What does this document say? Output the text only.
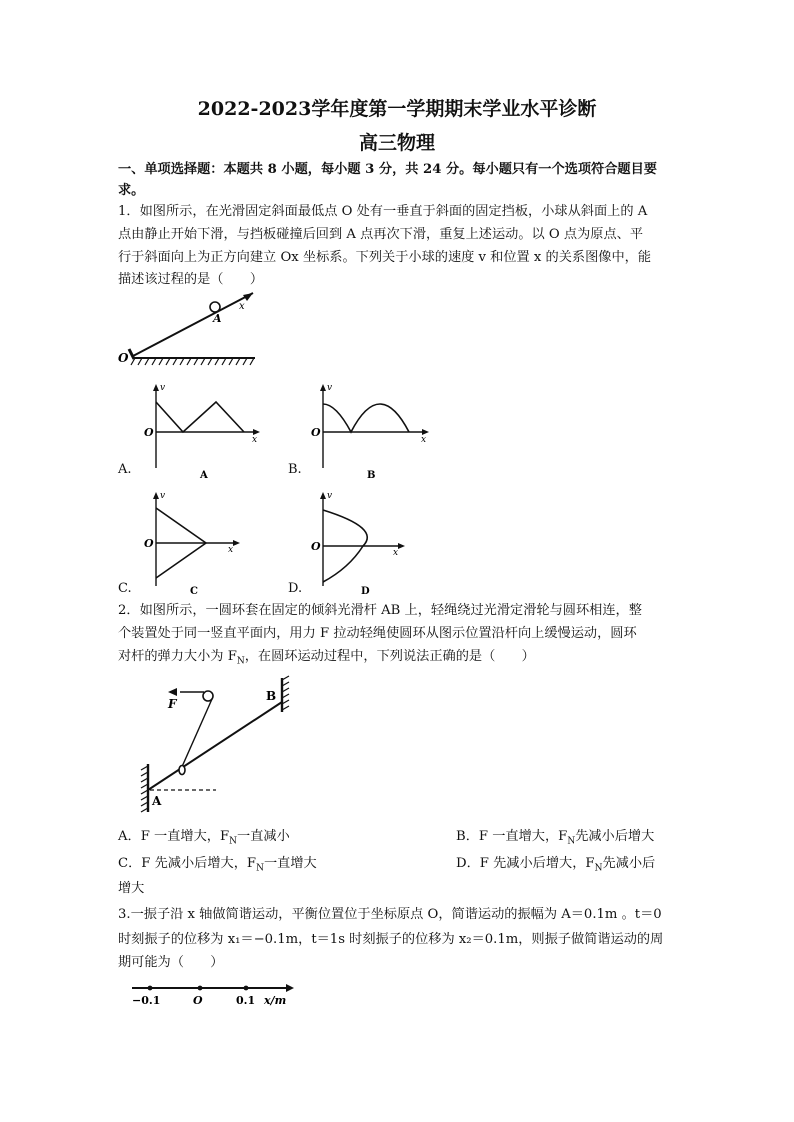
2022-2023学年度第一学期期末学业水平诊断
高三物理
一、单项选择题：本题共 8 小题，每小题 3 分，共 24 分。每小题只有一个选项符合题目要
求。
1．如图所示，在光滑固定斜面最低点 O 处有一垂直于斜面的固定挡板，小球从斜面上的 A
点由静止开始下滑，与挡板碰撞后回到 A 点再次下滑，重复上述运动。以 O 点为原点、平
行于斜面向上为正方向建立 Ox 坐标系。下列关于小球的速度 v 和位置 x 的关系图像中，能
描述该过程的是（　　）
A
O
x
A.
v
x
O
A	B.
v
x
O
B
C.
v
x
O
C	D.
v
x
O
D
2．如图所示，一圆环套在固定的倾斜光滑杆 AB 上，轻绳绕过光滑定滑轮与圆环相连，整
个装置处于同一竖直平面内，用力 F 拉动轻绳使圆环从图示位置沿杆向上缓慢运动，圆环
对杆的弹力大小为 $F_N$，在圆环运动过程中，下列说法正确的是（　　）
F
A
B
A．F 一直增大，$F_N$一直减小	B．F 一直增大，$F_N$先减小后增大
C．F 先减小后增大，$F_N$一直增大	D．F 先减小后增大，$F_N$先减小后
增大
3.一振子沿 x 轴做简谐运动，平衡位置位于坐标原点 O，简谐运动的振幅为 A＝0.1m 。t＝0
时刻振子的位移为 x₁＝−0.1m，t＝1s 时刻振子的位移为 x₂＝0.1m，则振子做简谐运动的周
期可能为（　　）
−0.1	O	0.1 x/m
